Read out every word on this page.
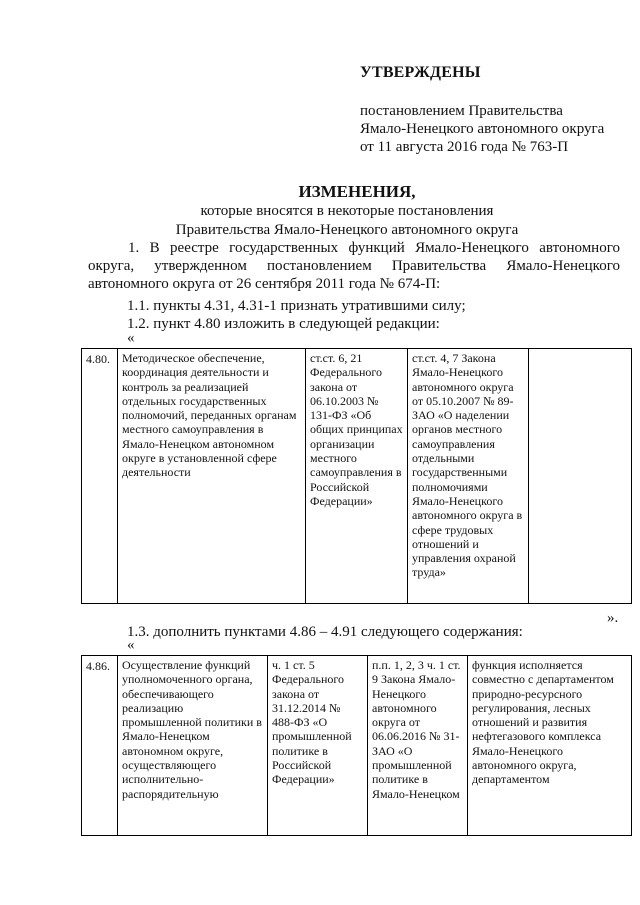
УТВЕРЖДЕНЫ
постановлением Правительства
Ямало-Ненецкого автономного округа
от 11 августа 2016 года № 763-П
ИЗМЕНЕНИЯ,
которые вносятся в некоторые постановления
Правительства Ямало-Ненецкого автономного округа
1. В реестре государственных функций Ямало-Ненецкого автономного округа, утвержденном постановлением Правительства Ямало-Ненецкого автономного округа от 26 сентября 2011 года № 674-П:
1.1. пункты 4.31, 4.31-1 признать утратившими силу;
1.2. пункт 4.80 изложить в следующей редакции:
«
4.80.	Методическое обеспечение, координация деятельности и контроль за реализацией отдельных государственных полномочий, переданных органам местного самоуправления в Ямало-Ненецком автономном округе в установленной сфере деятельности	ст.ст. 6, 21 Федерального закона от 06.10.2003 № 131-ФЗ «Об общих принципах организации местного самоуправления в Российской Федерации»	ст.ст. 4, 7 Закона Ямало-Ненецкого автономного округа от 05.10.2007 № 89-ЗАО «О наделении органов местного самоуправления отдельными государственными полномочиями Ямало-Ненецкого автономного округа в сфере трудовых отношений и управления охраной труда»	
».
1.3. дополнить пунктами 4.86 – 4.91 следующего содержания:
«
4.86.	Осуществление функций уполномоченного органа, обеспечивающего реализацию промышленной политики в Ямало-Ненецком автономном округе, осуществляющего исполнительно-распорядительную	ч. 1 ст. 5 Федерального закона от 31.12.2014 № 488-ФЗ «О промышленной политике в Российской Федерации»	п.п. 1, 2, 3 ч. 1 ст. 9 Закона Ямало-Ненецкого автономного округа от 06.06.2016 № 31-ЗАО «О промышленной политике в Ямало-Ненецком	функция исполняется совместно с департаментом природно-ресурсного регулирования, лесных отношений и развития нефтегазового комплекса Ямало-Ненецкого автономного округа, департаментом
